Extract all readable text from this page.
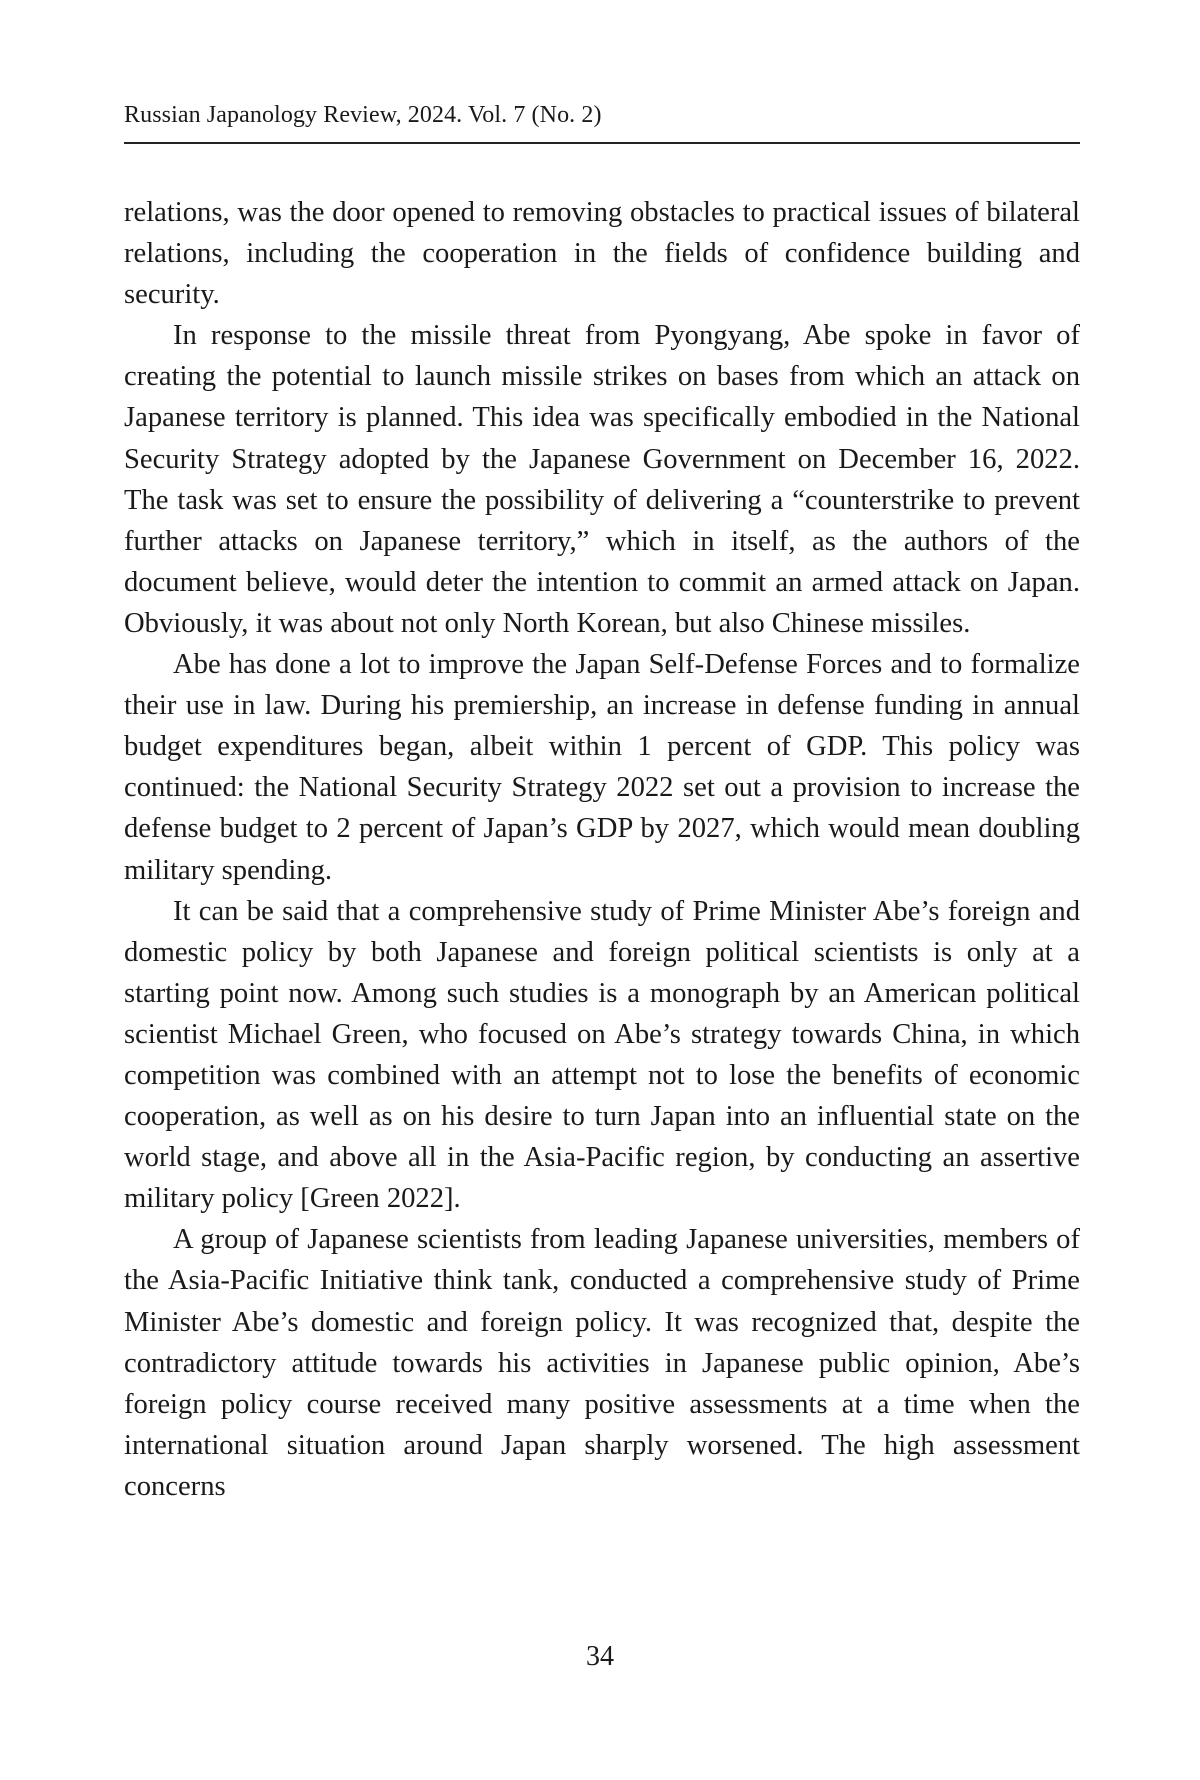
Russian Japanology Review, 2024. Vol. 7 (No. 2)

relations, was the door opened to removing obstacles to practical issues of bilateral relations, including the cooperation in the fields of confidence building and security.

In response to the missile threat from Pyongyang, Abe spoke in favor of creating the potential to launch missile strikes on bases from which an attack on Japanese territory is planned. This idea was specifically embodied in the National Security Strategy adopted by the Japanese Government on December 16, 2022. The task was set to ensure the possibility of delivering a “counterstrike to prevent further attacks on Japanese territory,” which in itself, as the authors of the document believe, would deter the intention to commit an armed attack on Japan. Obviously, it was about not only North Korean, but also Chinese missiles.

Abe has done a lot to improve the Japan Self-Defense Forces and to formalize their use in law. During his premiership, an increase in defense funding in annual budget expenditures began, albeit within 1 percent of GDP. This policy was continued: the National Security Strategy 2022 set out a provision to increase the defense budget to 2 percent of Japan’s GDP by 2027, which would mean doubling military spending.

It can be said that a comprehensive study of Prime Minister Abe’s foreign and domestic policy by both Japanese and foreign political scientists is only at a starting point now. Among such studies is a monograph by an American political scientist Michael Green, who focused on Abe’s strategy towards China, in which competition was combined with an attempt not to lose the benefits of economic cooperation, as well as on his desire to turn Japan into an influential state on the world stage, and above all in the Asia-Pacific region, by conducting an assertive military policy [Green 2022].

A group of Japanese scientists from leading Japanese universities, members of the Asia-Pacific Initiative think tank, conducted a comprehensive study of Prime Minister Abe’s domestic and foreign policy. It was recognized that, despite the contradictory attitude towards his activities in Japanese public opinion, Abe’s foreign policy course received many positive assessments at a time when the international situation around Japan sharply worsened. The high assessment concerns

34
